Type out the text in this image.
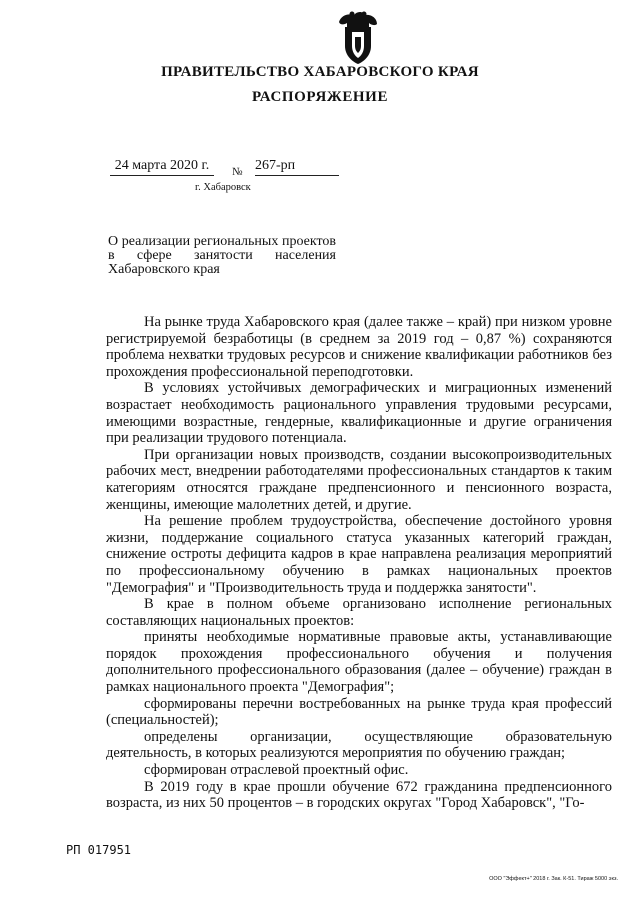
ПРАВИТЕЛЬСТВО ХАБАРОВСКОГО КРАЯ
РАСПОРЯЖЕНИЕ
24 марта 2020 г.	№ 267-рп
г. Хабаровск
О реализации региональных проектов в сфере занятости населения Хабаровского края

На рынке труда Хабаровского края (далее также – край) при низком уровне регистрируемой безработицы (в среднем за 2019 год – 0,87 %) сохраняются проблема нехватки трудовых ресурсов и снижение квалификации работников без прохождения профессиональной переподготовки.

В условиях устойчивых демографических и миграционных изменений возрастает необходимость рационального управления трудовыми ресурсами, имеющими возрастные, гендерные, квалификационные и другие ограничения при реализации трудового потенциала.

При организации новых производств, создании высокопроизводительных рабочих мест, внедрении работодателями профессиональных стандартов к таким категориям относятся граждане предпенсионного и пенсионного возраста, женщины, имеющие малолетних детей, и другие.

На решение проблем трудоустройства, обеспечение достойного уровня жизни, поддержание социального статуса указанных категорий граждан, снижение остроты дефицита кадров в крае направлена реализация мероприятий по профессиональному обучению в рамках национальных проектов "Демография" и "Производительность труда и поддержка занятости".

В крае в полном объеме организовано исполнение региональных составляющих национальных проектов:

приняты необходимые нормативные правовые акты, устанавливающие порядок прохождения профессионального обучения и получения дополнительного профессионального образования (далее – обучение) граждан в рамках национального проекта "Демография";

сформированы перечни востребованных на рынке труда края профессий (специальностей);

определены организации, осуществляющие образовательную деятельность, в которых реализуются мероприятия по обучению граждан;

сформирован отраслевой проектный офис.

В 2019 году в крае прошли обучение 672 гражданина предпенсионного возраста, из них 50 процентов – в городских округах "Город Хабаровск", "Го-

РП 017951
ООО "Эффект+" 2018 г. Зак. К-51. Тираж 5000 экз.
